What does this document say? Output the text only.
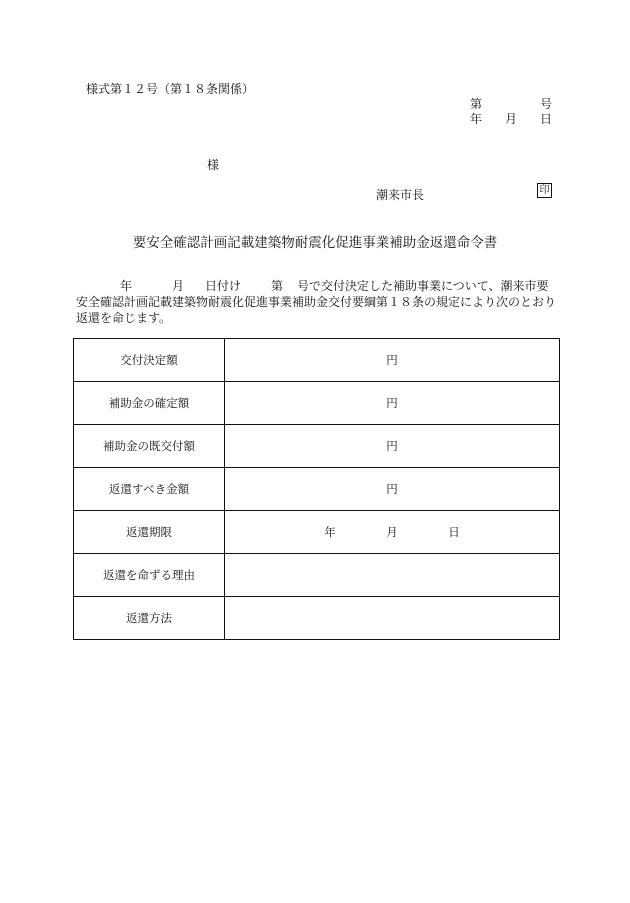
様式第１２号（第１８条関係）
第	号
年 月 日
様
潮来市長	印
要安全確認計画記載建築物耐震化促進事業補助金返還命令書
年	月 日付け 第 号で交付決定した補助事業について、潮来市要
安全確認計画記載建築物耐震化促進事業補助金交付要綱第１８条の規定により次のとおり
返還を命じます。
交付決定額	円
補助金の確定額	円
補助金の既交付額	円
返還すべき金額	円
返還期限	年 月 日
返還を命ずる理由	
返還方法	
